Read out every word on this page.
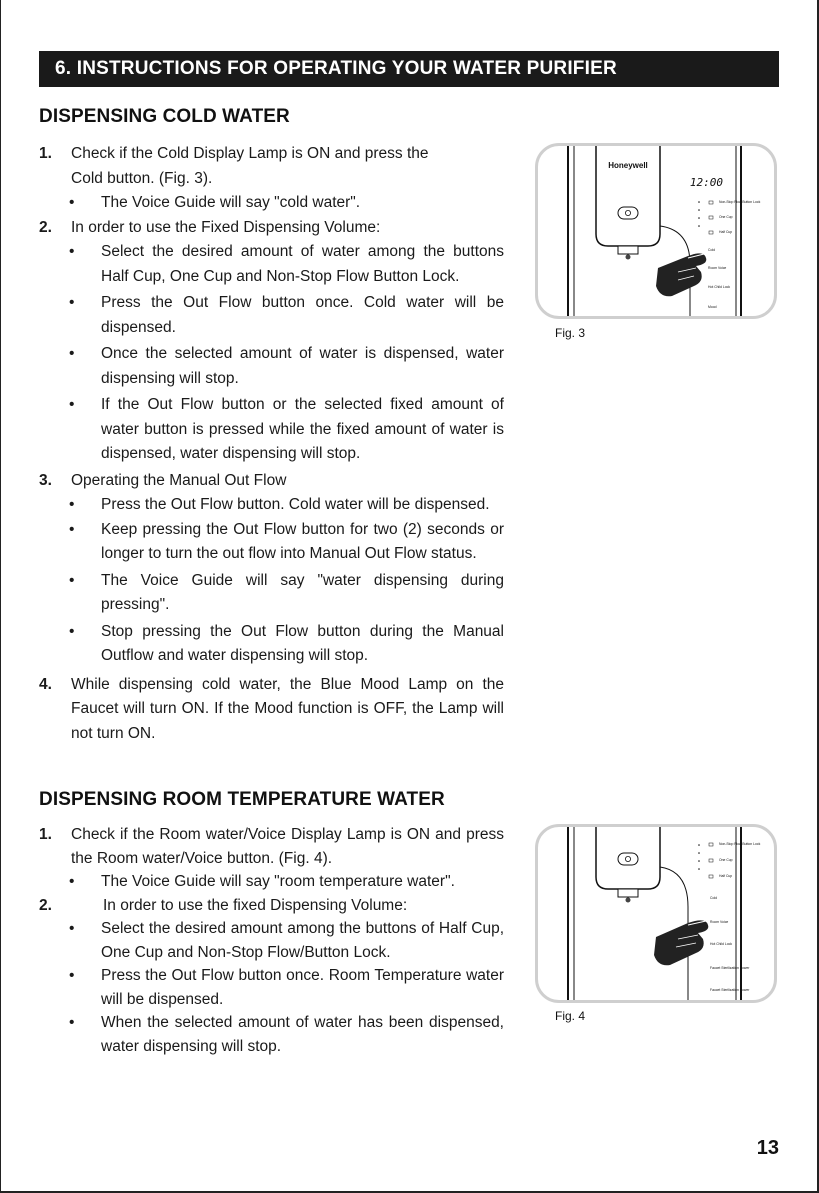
6. INSTRUCTIONS FOR OPERATING YOUR WATER PURIFIER
DISPENSING COLD WATER
1. Check if the Cold Display Lamp is ON and press the
Cold button. (Fig. 3).
• The Voice Guide will say "cold water".
2. In order to use the Fixed Dispensing Volume:
• Select the desired amount of water among the buttons Half Cup, One Cup and Non-Stop Flow Button Lock.
• Press the Out Flow button once. Cold water will be dispensed.
• Once the selected amount of water is dispensed, water dispensing will stop.
• If the Out Flow button or the selected fixed amount of water button is pressed while the fixed amount of water is dispensed, water dispensing will stop.
3. Operating the Manual Out Flow
• Press the Out Flow button. Cold water will be dispensed.
• Keep pressing the Out Flow button for two (2) seconds or longer to turn the out flow into Manual Out Flow status.
• The Voice Guide will say "water dispensing during pressing".
• Stop pressing the Out Flow button during the Manual Outflow and water dispensing will stop.
4. While dispensing cold water, the Blue Mood Lamp on the Faucet will turn ON. If the Mood function is OFF, the Lamp will not turn ON.
DISPENSING ROOM TEMPERATURE WATER
1. Check if the Room water/Voice Display Lamp is ON and press the Room water/Voice button. (Fig. 4).
• The Voice Guide will say "room temperature water".
2.	In order to use the fixed Dispensing Volume:
• Select the desired amount among the buttons of Half Cup, One Cup and Non-Stop Flow/Button Lock.
• Press the Out Flow button once. Room Temperature water will be dispensed.
• When the selected amount of water has been dispensed, water dispensing will stop.
Honeywell
12:00
Non-Stop Flow Button Lock
One Cup
Half Cup
Cold
Room Voice
Hot Child Lock
Mood
Fig. 3
Non-Stop Flow Button Lock
One Cup
Half Cup
Cold
Room Voice
Hot Child Lock
Faucet Sterilization Power
Faucet Sterilization Power
Fig. 4
13
